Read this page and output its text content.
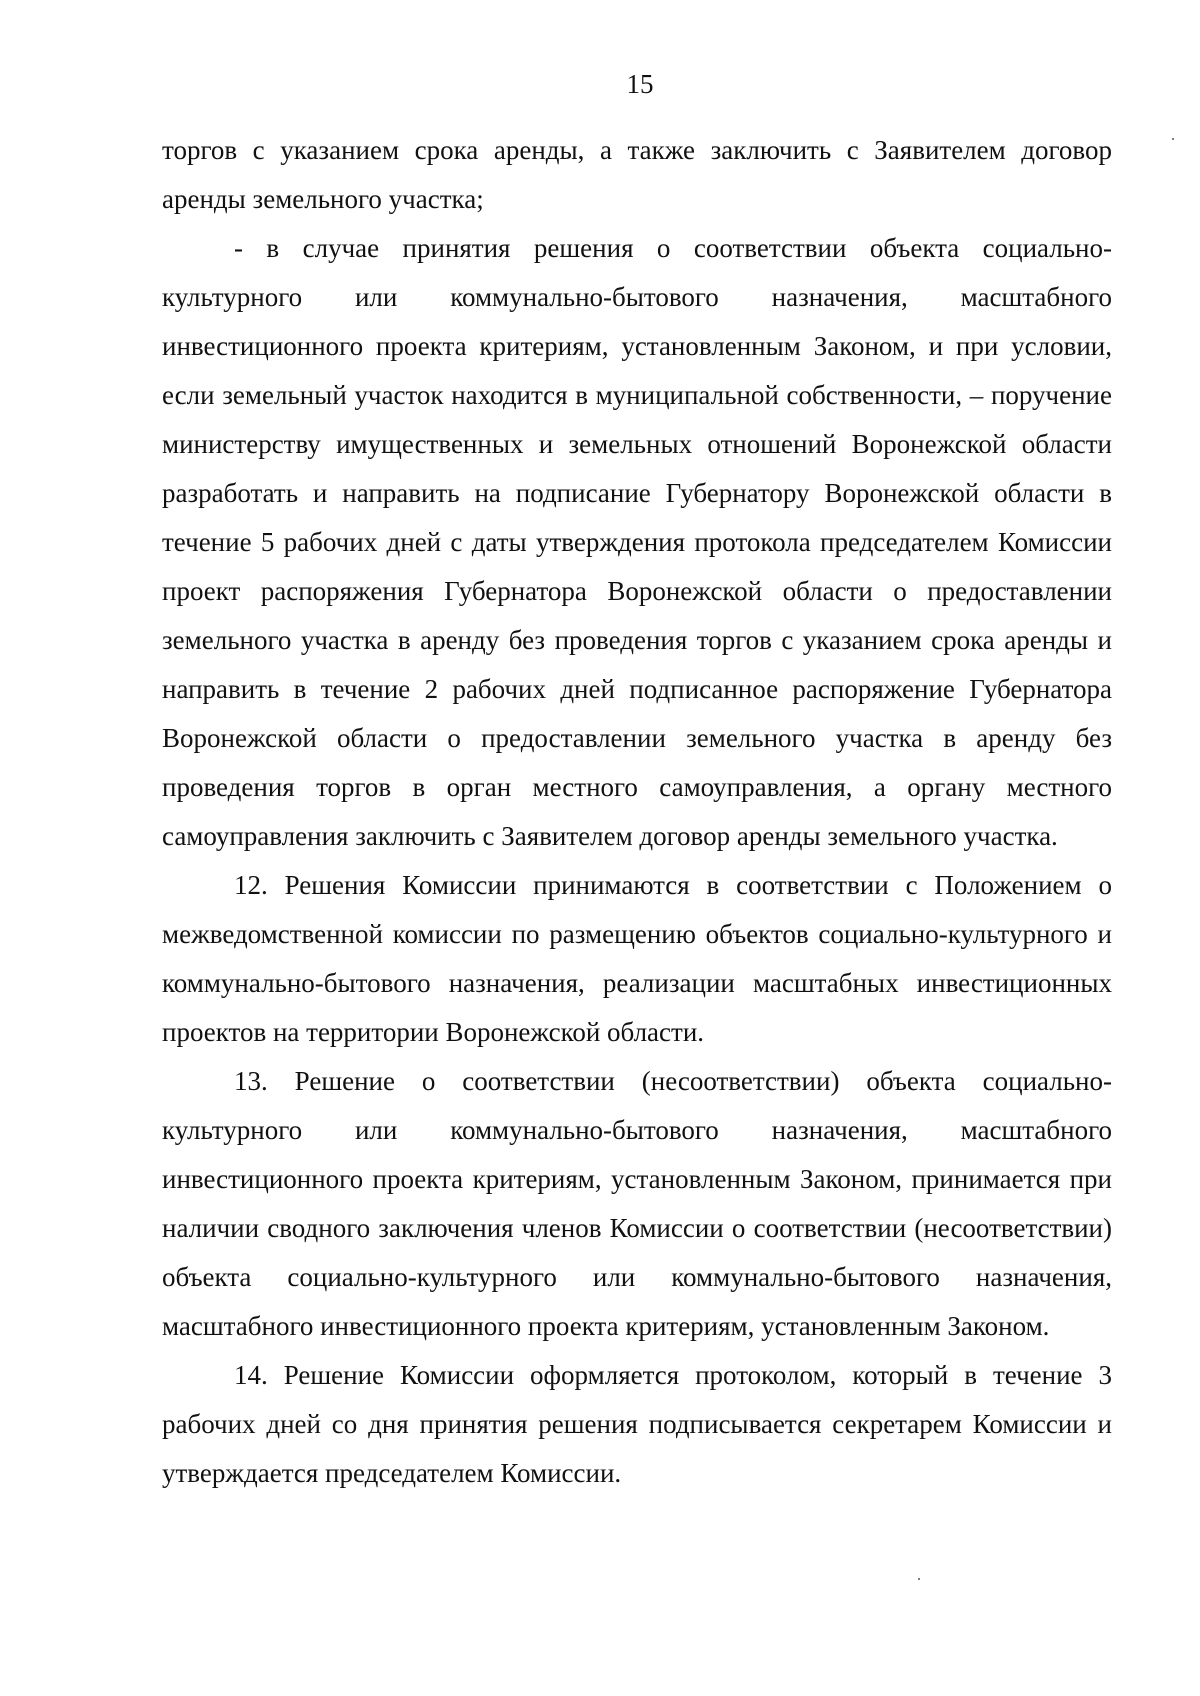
15

торгов с указанием срока аренды, а также заключить с Заявителем договор аренды земельного участка;

- в случае принятия решения о соответствии объекта социально-культурного или коммунально-бытового назначения, масштабного инвестиционного проекта критериям, установленным Законом, и при условии, если земельный участок находится в муниципальной собственности, – поручение министерству имущественных и земельных отношений Воронежской области разработать и направить на подписание Губернатору Воронежской области в течение 5 рабочих дней с даты утверждения протокола председателем Комиссии проект распоряжения Губернатора Воронежской области о предоставлении земельного участка в аренду без проведения торгов с указанием срока аренды и направить в течение 2 рабочих дней подписанное распоряжение Губернатора Воронежской области о предоставлении земельного участка в аренду без проведения торгов в орган местного самоуправления, а органу местного самоуправления заключить с Заявителем договор аренды земельного участка.

12. Решения Комиссии принимаются в соответствии с Положением о межведомственной комиссии по размещению объектов социально-культурного и коммунально-бытового назначения, реализации масштабных инвестиционных проектов на территории Воронежской области.

13. Решение о соответствии (несоответствии) объекта социально-культурного или коммунально-бытового назначения, масштабного инвестиционного проекта критериям, установленным Законом, принимается при наличии сводного заключения членов Комиссии о соответствии (несоответствии) объекта социально-культурного или коммунально-бытового назначения, масштабного инвестиционного проекта критериям, установленным Законом.

14. Решение Комиссии оформляется протоколом, который в течение 3 рабочих дней со дня принятия решения подписывается секретарем Комиссии и утверждается председателем Комиссии.
